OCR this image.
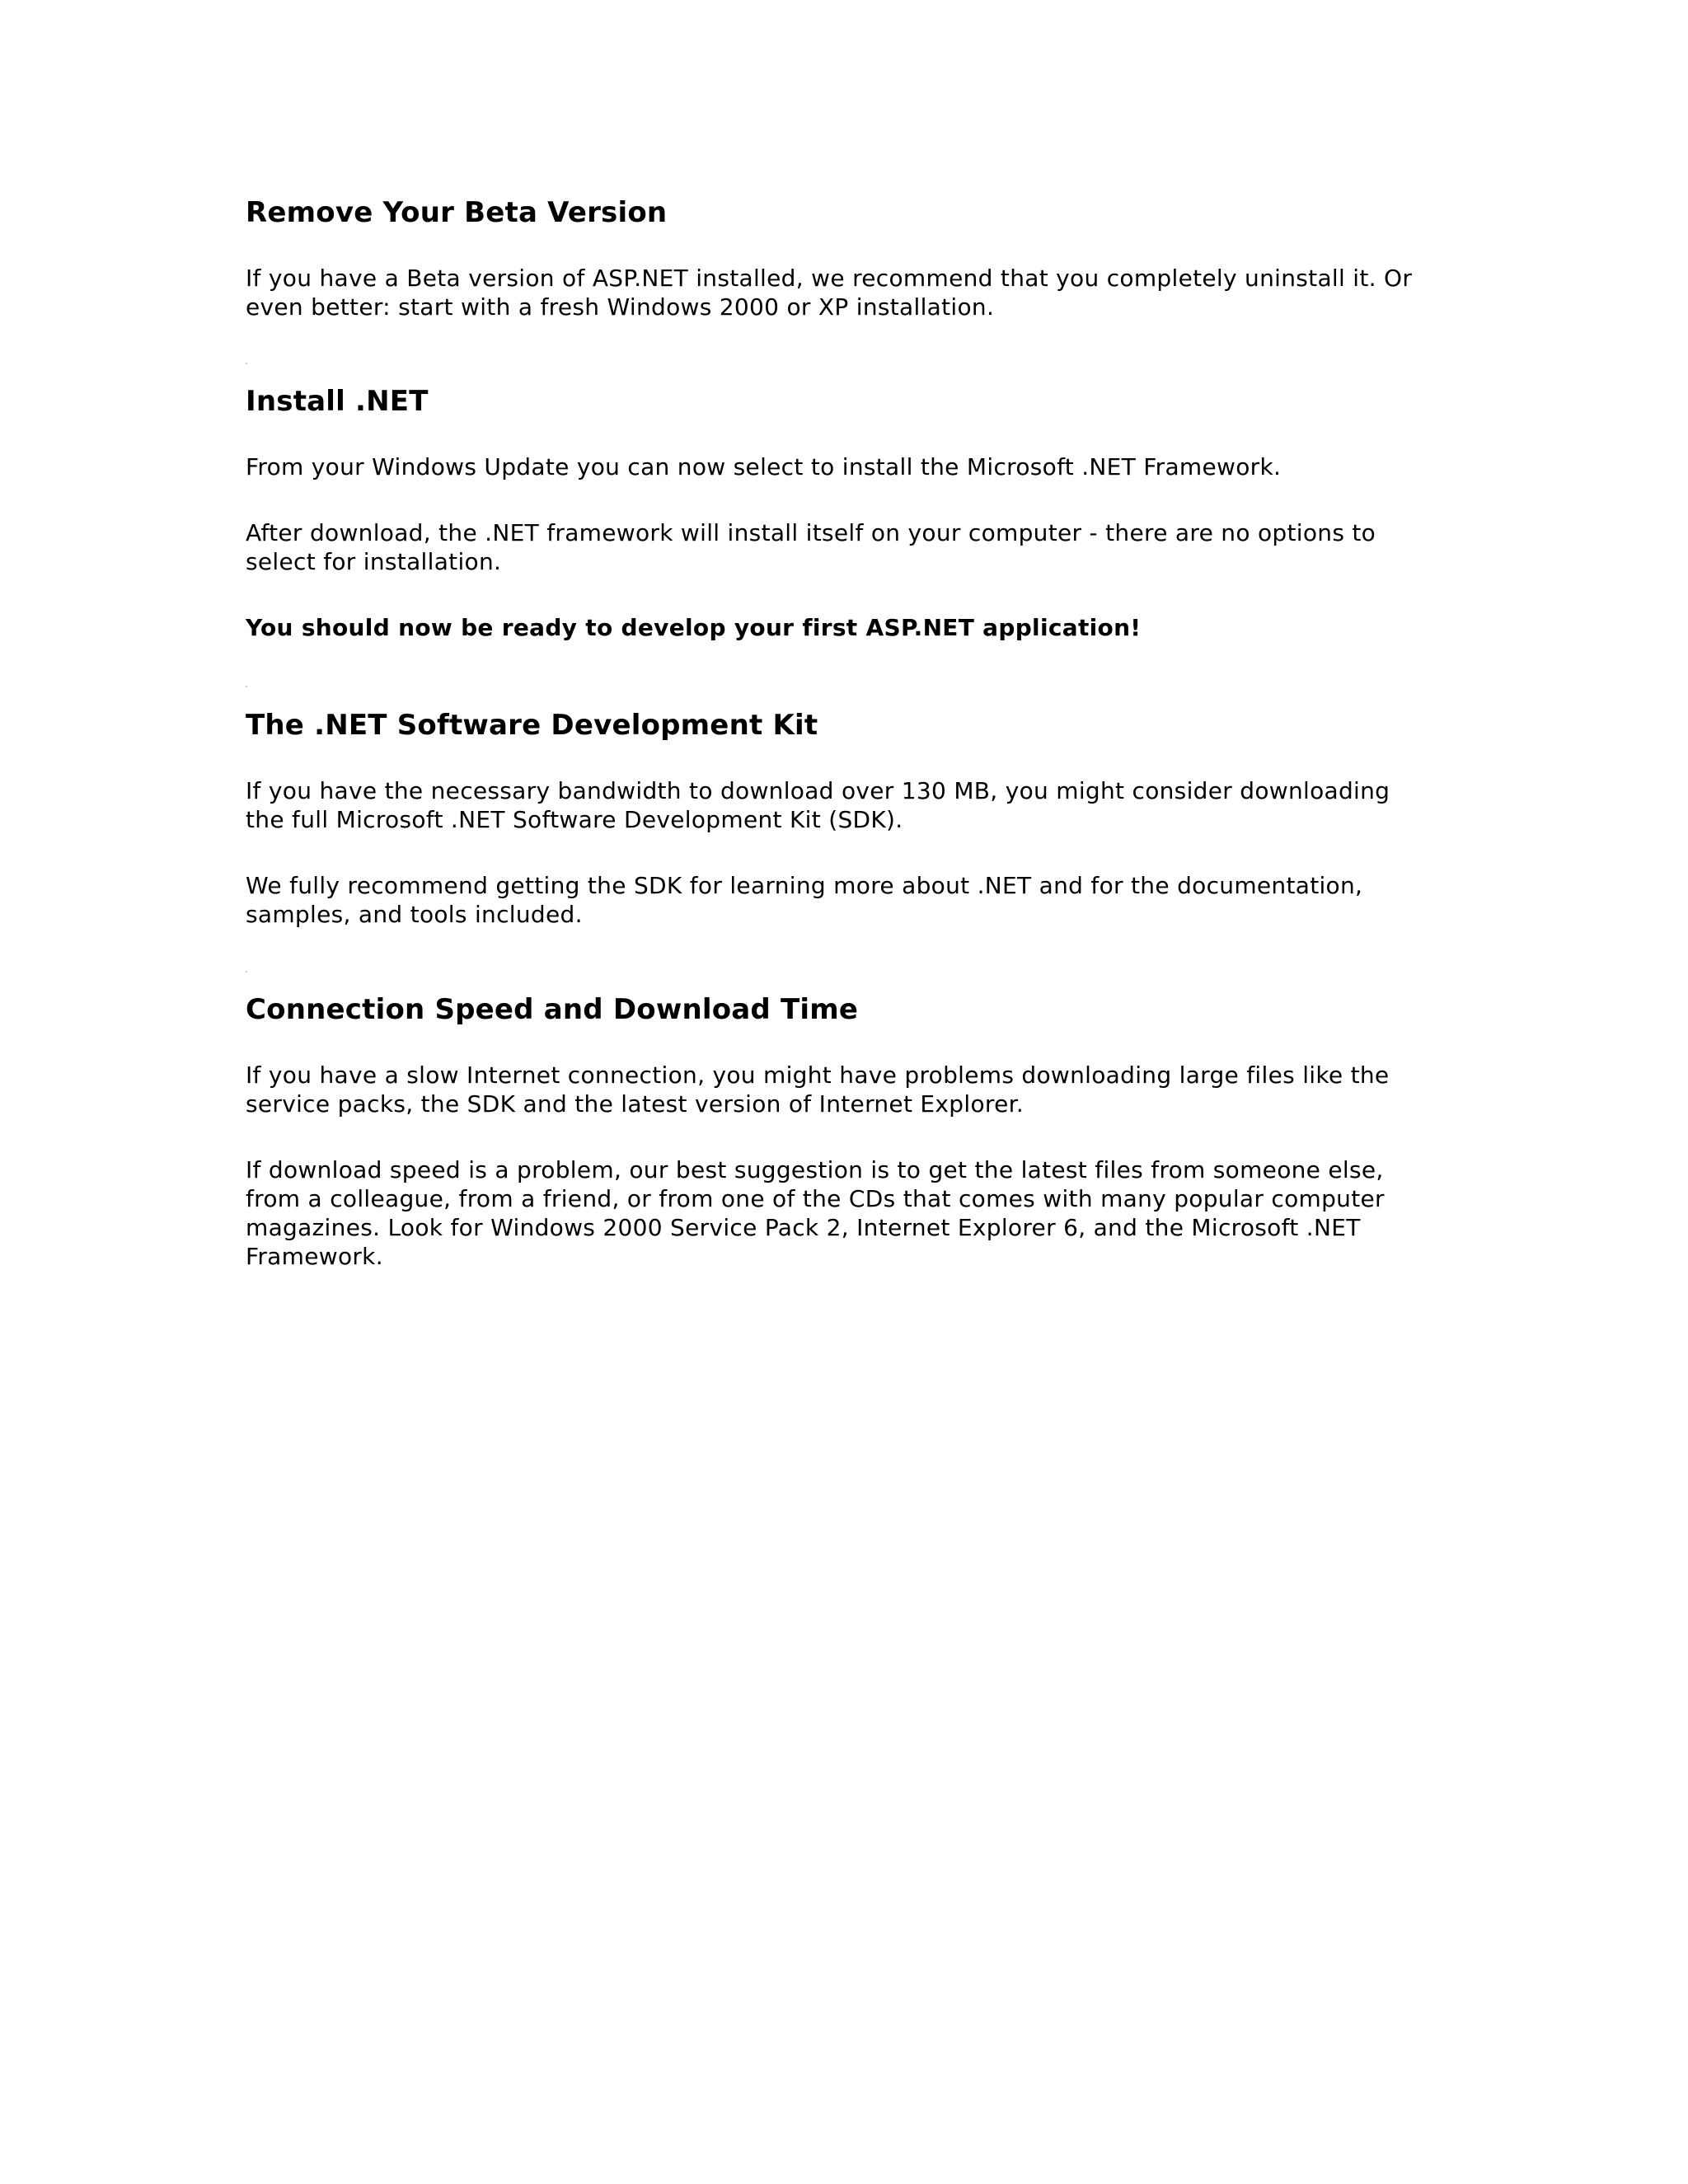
Remove Your Beta Version

If you have a Beta version of ASP.NET installed, we recommend that you completely uninstall it. Or even better: start with a fresh Windows 2000 or XP installation.

Install .NET

From your Windows Update you can now select to install the Microsoft .NET Framework.

After download, the .NET framework will install itself on your computer - there are no options to select for installation.

You should now be ready to develop your first ASP.NET application!

The .NET Software Development Kit

If you have the necessary bandwidth to download over 130 MB, you might consider downloading the full Microsoft .NET Software Development Kit (SDK).

We fully recommend getting the SDK for learning more about .NET and for the documentation, samples, and tools included.

Connection Speed and Download Time

If you have a slow Internet connection, you might have problems downloading large files like the service packs, the SDK and the latest version of Internet Explorer.

If download speed is a problem, our best suggestion is to get the latest files from someone else, from a colleague, from a friend, or from one of the CDs that comes with many popular computer magazines. Look for Windows 2000 Service Pack 2, Internet Explorer 6, and the Microsoft .NET Framework.
